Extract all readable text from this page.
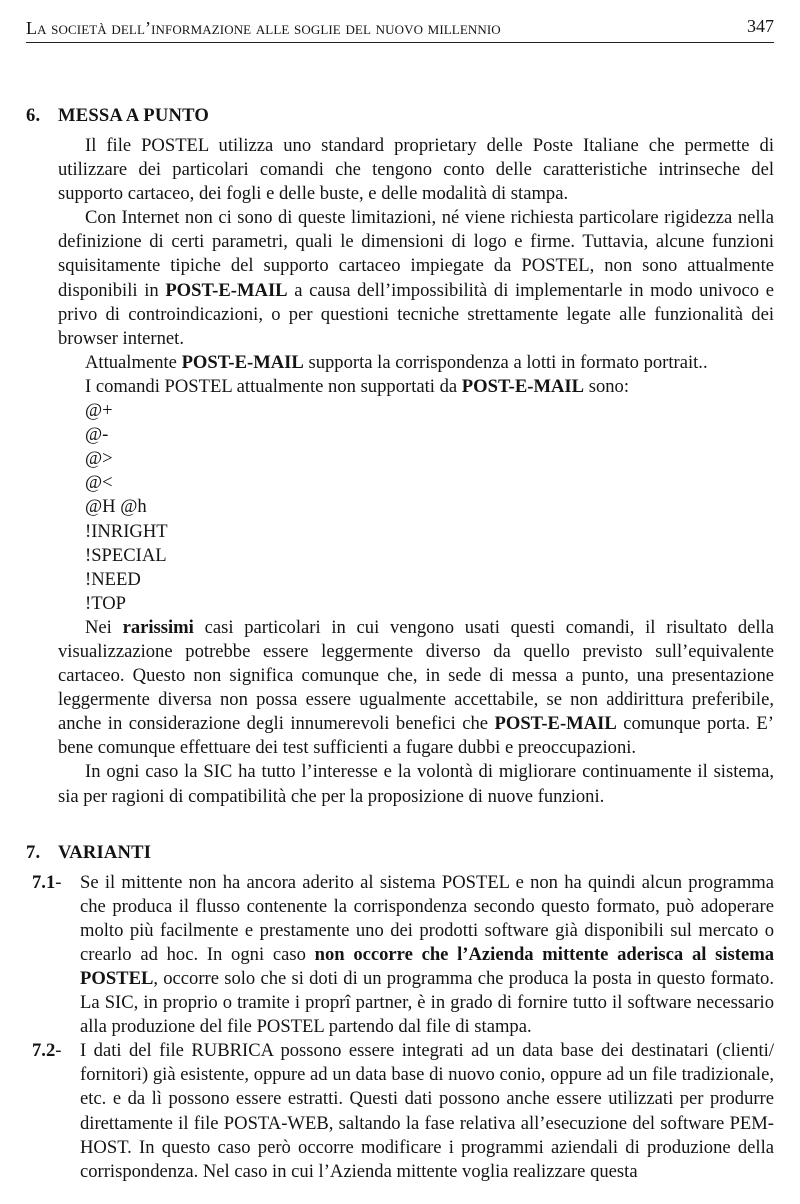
La società dell’informazione alle soglie del nuovo millennio	347
6. MESSA A PUNTO

Il file POSTEL utilizza uno standard proprietary delle Poste Italiane che permette di utilizzare dei particolari comandi che tengono conto delle caratteristiche intrinseche del supporto cartaceo, dei fogli e delle buste, e delle modalità di stampa.

Con Internet non ci sono di queste limitazioni, né viene richiesta particolare rigidezza nella definizione di certi parametri, quali le dimensioni di logo e firme. Tuttavia, alcune funzioni squisitamente tipiche del supporto cartaceo impiegate da POSTEL, non sono attualmente disponibili in POST-E-MAIL a causa dell’impossibilità di implementarle in modo univoco e privo di controindicazioni, o per questioni tecniche strettamente legate alle funzionalità dei browser internet.

Attualmente POST-E-MAIL supporta la corrispondenza a lotti in formato portrait..

I comandi POSTEL attualmente non supportati da POST-E-MAIL sono:

@+
@-
@>
@<
@H @h
!INRIGHT
!SPECIAL
!NEED
!TOP

Nei rarissimi casi particolari in cui vengono usati questi comandi, il risultato della visualizzazione potrebbe essere leggermente diverso da quello previsto sull’equivalente cartaceo. Questo non significa comunque che, in sede di messa a punto, una presentazione leggermente diversa non possa essere ugualmente accettabile, se non addirittura preferibile, anche in considerazione degli innumerevoli benefici che POST-E-MAIL comunque porta. E’ bene comunque effettuare dei test sufficienti a fugare dubbi e preoccupazioni.

In ogni caso la SIC ha tutto l’interesse e la volontà di migliorare continuamente il sistema, sia per ragioni di compatibilità che per la proposizione di nuove funzioni.

7. VARIANTI
7.1- Se il mittente non ha ancora aderito al sistema POSTEL e non ha quindi alcun programma che produca il flusso contenente la corrispondenza secondo questo formato, può adoperare molto più facilmente e prestamente uno dei prodotti software già disponibili sul mercato o crearlo ad hoc. In ogni caso non occorre che l’Azienda mittente aderisca al sistema POSTEL, occorre solo che si doti di un programma che produca la posta in questo formato. La SIC, in proprio o tramite i proprî partner, è in grado di fornire tutto il software necessario alla produzione del file POSTEL partendo dal file di stampa.

7.2- I dati del file RUBRICA possono essere integrati ad un data base dei destinatari (clienti/ fornitori) già esistente, oppure ad un data base di nuovo conio, oppure ad un file tradizionale, etc. e da lì possono essere estratti. Questi dati possono anche essere utilizzati per produrre direttamente il file POSTA-WEB, saltando la fase relativa all’esecuzione del software PEM-HOST. In questo caso però occorre modificare i programmi aziendali di produzione della corrispondenza. Nel caso in cui l’Azienda mittente voglia realizzare questa
